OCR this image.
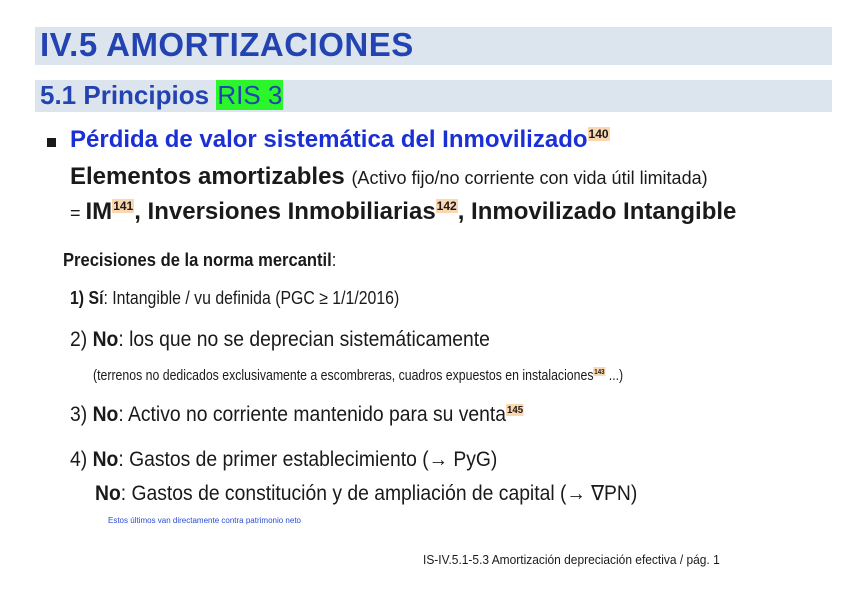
IV.5 AMORTIZACIONES
5.1 Principios RIS 3
Pérdida de valor sistemática del Inmovilizado$^{140}$
Elementos amortizables (Activo fijo/no corriente con vida útil limitada)
= $IM^{141}$, Inversiones Inmobiliarias$^{142}$, Inmovilizado Intangible
Precisiones de la norma mercantil:
1) Sí: Intangible / vu definida (PGC ≥ 1/1/2016)
2) No: los que no se deprecian sistemáticamente
(terrenos no dedicados exclusivamente a escombreras, cuadros expuestos en instalaciones$^{143}$ ...)
3) No: Activo no corriente mantenido para su venta$^{145}$
4) No: Gastos de primer establecimiento (→ PyG)
No: Gastos de constitución y de ampliación de capital (→ ∇PN)
Estos últimos van directamente contra patrimonio neto
IS-IV.5.1-5.3 Amortización depreciación efectiva / pág. 1
